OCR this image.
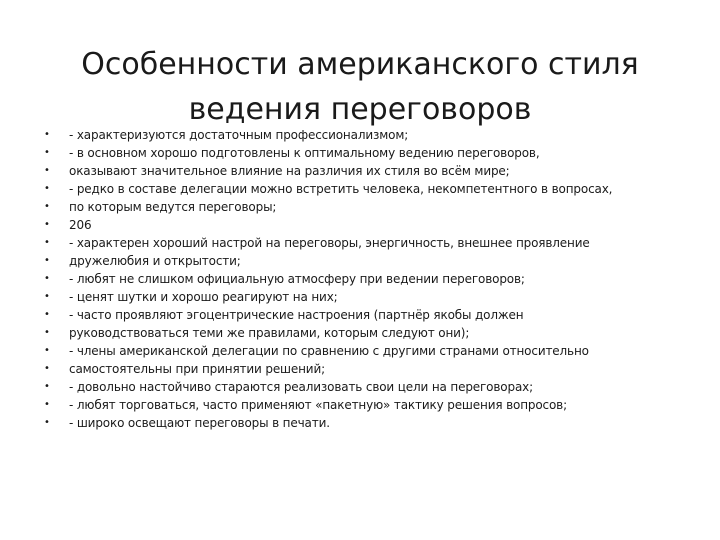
Особенности американского стиля
ведения переговоров
•	- характеризуются достаточным профессионализмом;
•	- в основном хорошо подготовлены к оптимальному ведению переговоров,
•	оказывают значительное влияние на различия их стиля во всём мире;
•	- редко в составе делегации можно встретить человека, некомпетентного в вопросах,
•	по которым ведутся переговоры;
•	206
•	- характерен хороший настрой на переговоры, энергичность, внешнее проявление
•	дружелюбия и открытости;
•	- любят не слишком официальную атмосферу при ведении переговоров;
•	- ценят шутки и хорошо реагируют на них;
•	- часто проявляют эгоцентрические настроения (партнёр якобы должен
•	руководствоваться теми же правилами, которым следуют они);
•	- члены американской делегации по сравнению с другими странами относительно
•	самостоятельны при принятии решений;
•	- довольно настойчиво стараются реализовать свои цели на переговорах;
•	- любят торговаться, часто применяют «пакетную» тактику решения вопросов;
•	- широко освещают переговоры в печати.
